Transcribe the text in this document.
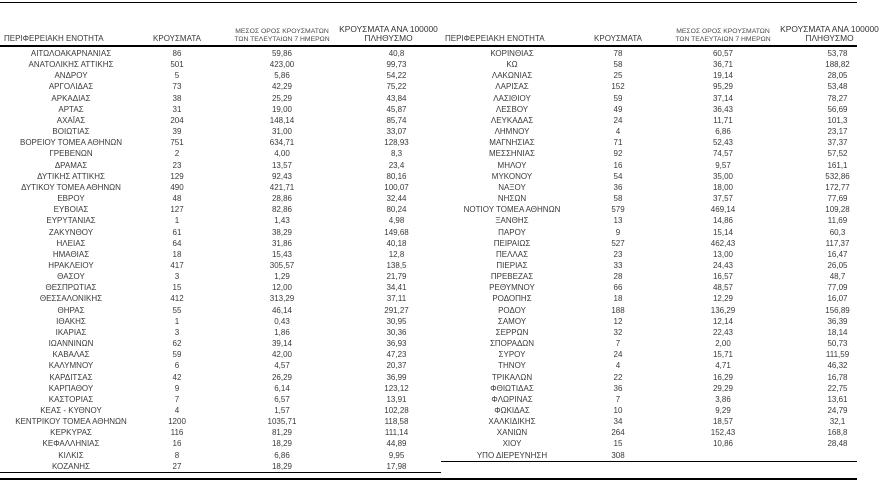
ΠΕΡΙΦΕΡΕΙΑΚΗ ΕΝΟΤΗΤΑ	ΚΡΟΥΣΜΑΤΑ
ΜΕΣΟΣ ΟΡΟΣ ΚΡΟΥΣΜΑΤΩΝ
ΤΩΝ ΤΕΛΕΥΤΑΙΩΝ 7 ΗΜΕΡΩΝ
ΚΡΟΥΣΜΑΤΑ ΑΝΑ 100000
ΠΛΗΘΥΣΜΟ
ΑΙΤΩΛΟΑΚΑΡΝΑΝΙΑΣ	86	59,86	40,8
ΑΝΑΤΟΛΙΚΗΣ ΑΤΤΙΚΗΣ	501	423,00	99,73
ΑΝΔΡΟΥ	5	5,86	54,22
ΑΡΓΟΛΙΔΑΣ	73	42,29	75,22
ΑΡΚΑΔΙΑΣ	38	25,29	43,84
ΑΡΤΑΣ	31	19,00	45,87
ΑΧΑΪΑΣ	204	148,14	85,74
ΒΟΙΩΤΙΑΣ	39	31,00	33,07
ΒΟΡΕΙΟΥ ΤΟΜΕΑ ΑΘΗΝΩΝ	751	634,71	128,93
ΓΡΕΒΕΝΩΝ	2	4,00	8,3
ΔΡΑΜΑΣ	23	13,57	23,4
ΔΥΤΙΚΗΣ ΑΤΤΙΚΗΣ	129	92,43	80,16
ΔΥΤΙΚΟΥ ΤΟΜΕΑ ΑΘΗΝΩΝ	490	421,71	100,07
ΕΒΡΟΥ	48	28,86	32,44
ΕΥΒΟΙΑΣ	127	82,86	80,24
ΕΥΡΥΤΑΝΙΑΣ	1	1,43	4,98
ΖΑΚΥΝΘΟΥ	61	38,29	149,68
ΗΛΕΙΑΣ	64	31,86	40,18
ΗΜΑΘΙΑΣ	18	15,43	12,8
ΗΡΑΚΛΕΙΟΥ	417	305,57	138,5
ΘΑΣΟΥ	3	1,29	21,79
ΘΕΣΠΡΩΤΙΑΣ	15	12,00	34,41
ΘΕΣΣΑΛΟΝΙΚΗΣ	412	313,29	37,11
ΘΗΡΑΣ	55	46,14	291,27
ΙΘΑΚΗΣ	1	0,43	30,95
ΙΚΑΡΙΑΣ	3	1,86	30,36
ΙΩΑΝΝΙΝΩΝ	62	39,14	36,93
ΚΑΒΑΛΑΣ	59	42,00	47,23
ΚΑΛΥΜΝΟΥ	6	4,57	20,37
ΚΑΡΔΙΤΣΑΣ	42	26,29	36,99
ΚΑΡΠΑΘΟΥ	9	6,14	123,12
ΚΑΣΤΟΡΙΑΣ	7	6,57	13,91
ΚΕΑΣ - ΚΥΘΝΟΥ	4	1,57	102,28
ΚΕΝΤΡΙΚΟΥ ΤΟΜΕΑ ΑΘΗΝΩΝ	1200	1035,71	118,58
ΚΕΡΚΥΡΑΣ	116	81,29	111,14
ΚΕΦΑΛΛΗΝΙΑΣ	16	18,29	44,89
ΚΙΛΚΙΣ	8	6,86	9,95
ΚΟΖΑΝΗΣ	27	18,29	17,98
ΠΕΡΙΦΕΡΕΙΑΚΗ ΕΝΟΤΗΤΑ	ΚΡΟΥΣΜΑΤΑ
ΜΕΣΟΣ ΟΡΟΣ ΚΡΟΥΣΜΑΤΩΝ
ΤΩΝ ΤΕΛΕΥΤΑΙΩΝ 7 ΗΜΕΡΩΝ
ΚΡΟΥΣΜΑΤΑ ΑΝΑ 100000
ΠΛΗΘΥΣΜΟ
ΚΟΡΙΝΘΙΑΣ	78	60,57	53,78
ΚΩ	58	36,71	188,82
ΛΑΚΩΝΙΑΣ	25	19,14	28,05
ΛΑΡΙΣΑΣ	152	95,29	53,48
ΛΑΣΙΘΙΟΥ	59	37,14	78,27
ΛΕΣΒΟΥ	49	36,43	56,69
ΛΕΥΚΑΔΑΣ	24	11,71	101,3
ΛΗΜΝΟΥ	4	6,86	23,17
ΜΑΓΝΗΣΙΑΣ	71	52,43	37,37
ΜΕΣΣΗΝΙΑΣ	92	74,57	57,52
ΜΗΛΟΥ	16	9,57	161,1
ΜΥΚΟΝΟΥ	54	35,00	532,86
ΝΑΞΟΥ	36	18,00	172,77
ΝΗΣΩΝ	58	37,57	77,69
ΝΟΤΙΟΥ ΤΟΜΕΑ ΑΘΗΝΩΝ	579	469,14	109,28
ΞΑΝΘΗΣ	13	14,86	11,69
ΠΑΡΟΥ	9	15,14	60,3
ΠΕΙΡΑΙΩΣ	527	462,43	117,37
ΠΕΛΛΑΣ	23	13,00	16,47
ΠΙΕΡΙΑΣ	33	24,43	26,05
ΠΡΕΒΕΖΑΣ	28	16,57	48,7
ΡΕΘΥΜΝΟΥ	66	48,57	77,09
ΡΟΔΟΠΗΣ	18	12,29	16,07
ΡΟΔΟΥ	188	136,29	156,89
ΣΑΜΟΥ	12	12,14	36,39
ΣΕΡΡΩΝ	32	22,43	18,14
ΣΠΟΡΑΔΩΝ	7	2,00	50,73
ΣΥΡΟΥ	24	15,71	111,59
ΤΗΝΟΥ	4	4,71	46,32
ΤΡΙΚΑΛΩΝ	22	16,29	16,78
ΦΘΙΩΤΙΔΑΣ	36	29,29	22,75
ΦΛΩΡΙΝΑΣ	7	3,86	13,61
ΦΩΚΙΔΑΣ	10	9,29	24,79
ΧΑΛΚΙΔΙΚΗΣ	34	18,57	32,1
ΧΑΝΙΩΝ	264	152,43	168,8
ΧΙΟΥ	15	10,86	28,48
ΥΠΟ ΔΙΕΡΕΥΝΗΣΗ	308		
